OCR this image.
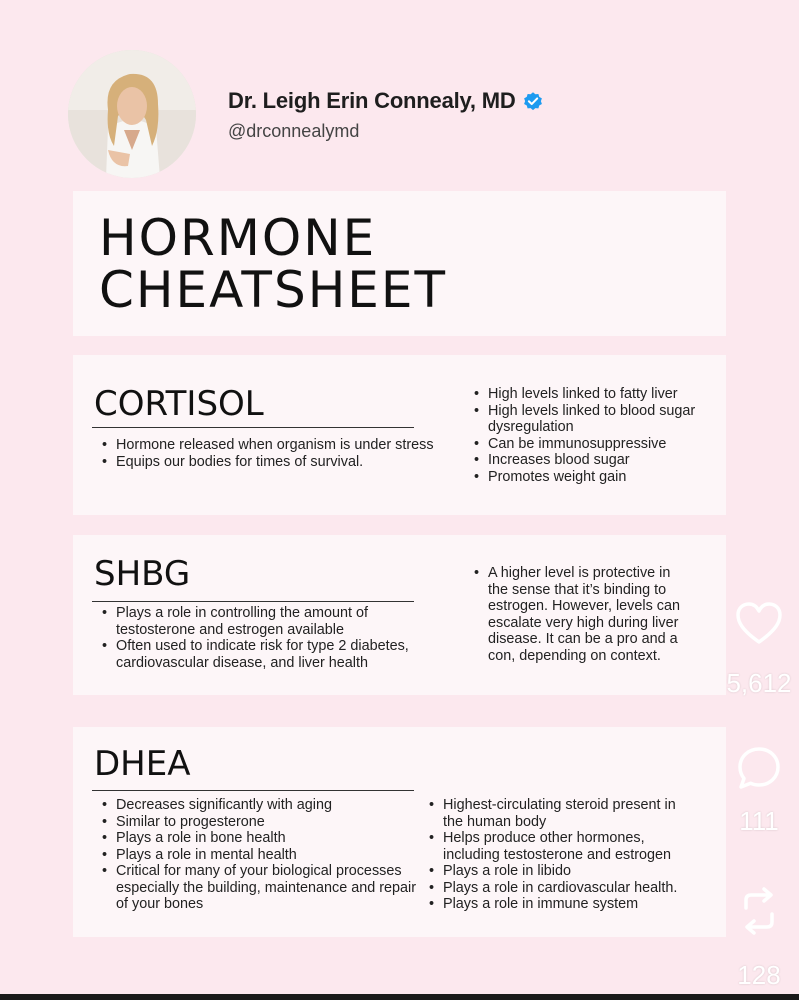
Dr. Leigh Erin Connealy, MD
@drconnealymd
HORMONE
CHEATSHEET
CORTISOL
• Hormone released when organism is under stress
• Equips our bodies for times of survival.
• High levels linked to fatty liver
• High levels linked to blood sugar dysregulation
• Can be immunosuppressive
• Increases blood sugar
• Promotes weight gain
SHBG
• Plays a role in controlling the amount of testosterone and estrogen available
• Often used to indicate risk for type 2 diabetes, cardiovascular disease, and liver health
• A higher level is protective in the sense that it’s binding to estrogen. However, levels can escalate very high during liver disease. It can be a pro and a con, depending on context.
DHEA
• Decreases significantly with aging
• Similar to progesterone
• Plays a role in bone health
• Plays a role in mental health
• Critical for many of your biological processes especially the building, maintenance and repair of your bones
• Highest-circulating steroid present in the human body
• Helps produce other hormones, including testosterone and estrogen
• Plays a role in libido
• Plays a role in cardiovascular health.
• Plays a role in immune system
5,612
111
128
